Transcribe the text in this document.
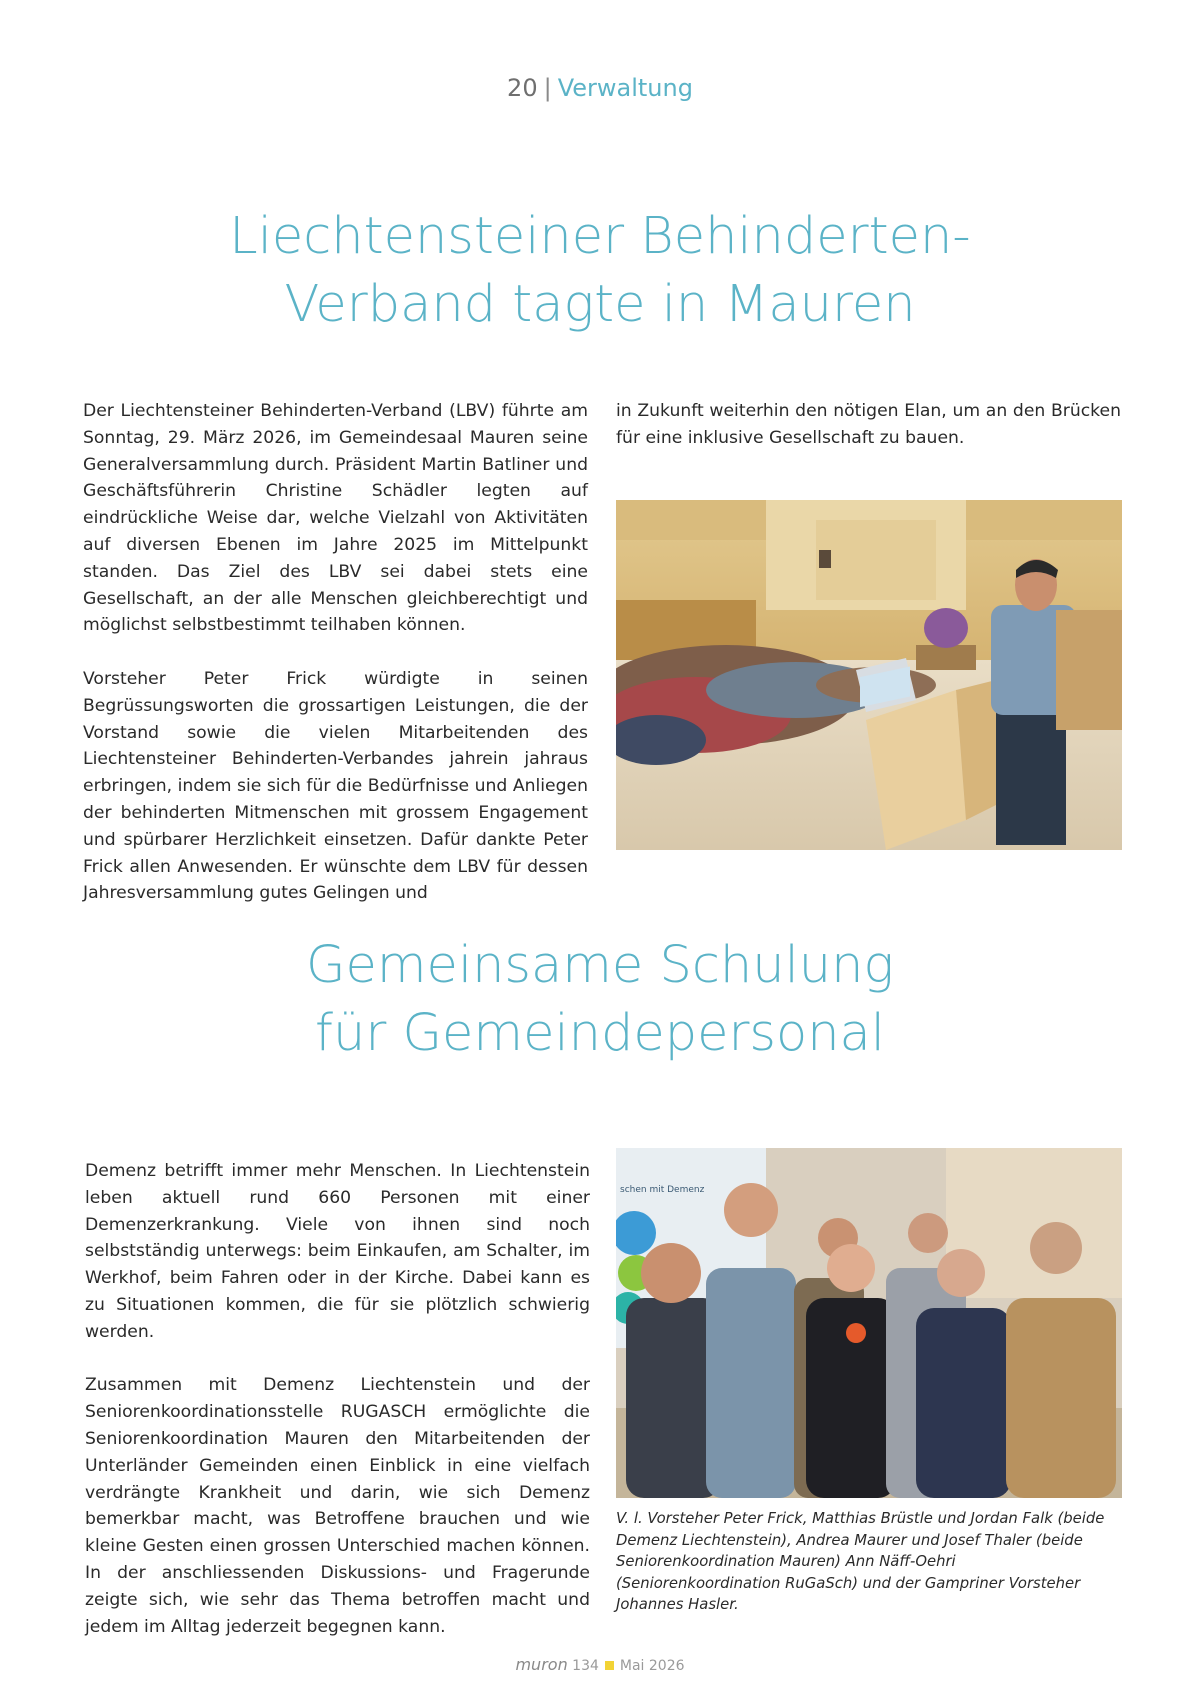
20 | Verwaltung
Liechtensteiner Behinderten-
Verband tagte in Mauren

Der Liechtensteiner Behinderten-Verband (LBV) führte am Sonntag, 29. März 2026, im Gemeindesaal Mauren seine Generalversammlung durch. Präsident Martin Batliner und Geschäftsführerin Christine Schädler legten auf eindrückliche Weise dar, welche Vielzahl von Aktivitäten auf diversen Ebenen im Jahre 2025 im Mittelpunkt standen. Das Ziel des LBV sei dabei stets eine Gesellschaft, an der alle Menschen gleichberechtigt und möglichst selbstbestimmt teilhaben können.

Vorsteher Peter Frick würdigte in seinen Begrüssungsworten die grossartigen Leistungen, die der Vorstand sowie die vielen Mitarbeitenden des Liechtensteiner Behinderten-Verbandes jahrein jahraus erbringen, indem sie sich für die Bedürfnisse und Anliegen der behinderten Mitmenschen mit grossem Engagement und spürbarer Herzlichkeit einsetzen. Dafür dankte Peter Frick allen Anwesenden. Er wünschte dem LBV für dessen Jahresversammlung gutes Gelingen und

in Zukunft weiterhin den nötigen Elan, um an den Brücken für eine inklusive Gesellschaft zu bauen.

Gemeinsame Schulung
für Gemeindepersonal

Demenz betrifft immer mehr Menschen. In Liechtenstein leben aktuell rund 660 Personen mit einer Demenzerkrankung. Viele von ihnen sind noch selbstständig unterwegs: beim Einkaufen, am Schalter, im Werkhof, beim Fahren oder in der Kirche. Dabei kann es zu Situationen kommen, die für sie plötzlich schwierig werden.

Zusammen mit Demenz Liechtenstein und der Seniorenkoordinationsstelle RUGASCH ermöglichte die Seniorenkoordination Mauren den Mitarbeitenden der Unterländer Gemeinden einen Einblick in eine vielfach verdrängte Krankheit und darin, wie sich Demenz bemerkbar macht, was Betroffene brauchen und wie kleine Gesten einen grossen Unterschied machen können. In der anschliessenden Diskussions- und Fragerunde zeigte sich, wie sehr das Thema betroffen macht und jedem im Alltag jederzeit begegnen kann.

schen mit Demenz
V. l. Vorsteher Peter Frick, Matthias Brüstle und Jordan Falk (beide Demenz Liechtenstein), Andrea Maurer und Josef Thaler (beide Seniorenkoordination Mauren) Ann Näff-Oehri (Seniorenkoordination RuGaSch) und der Gampriner Vorsteher Johannes Hasler.
muron 134 Mai 2026
